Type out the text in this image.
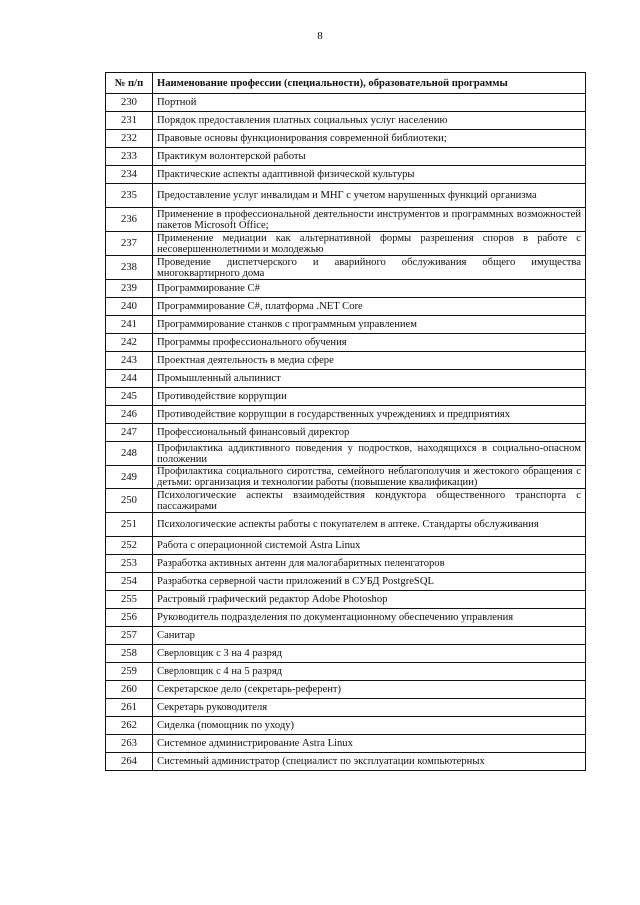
8
№ п/п	Наименование профессии (специальности), образовательной программы
230	Портной
231	Порядок предоставления платных социальных услуг населению
232	Правовые основы функционирования современной библиотеки;
233	Практикум волонтерской работы
234	Практические аспекты адаптивной физической культуры
235	Предоставление услуг инвалидам и МНГ с учетом нарушенных функций организма
236	Применение в профессиональной деятельности инструментов и программных возможностей пакетов Microsoft Office;
237	Применение медиации как альтернативной формы разрешения споров в работе с несовершеннолетними и молодежью
238	Проведение диспетчерского и аварийного обслуживания общего имущества многоквартирного дома
239	Программирование С#
240	Программирование C#, платформа .NET Core
241	Программирование станков с программным управлением
242	Программы профессионального обучения
243	Проектная деятельность в медиа сфере
244	Промышленный альпинист
245	Противодействие коррупции
246	Противодействие коррупции в государственных учреждениях и предприятиях
247	Профессиональный финансовый директор
248	Профилактика аддиктивного поведения у подростков, находящихся в социально-опасном положении
249	Профилактика социального сиротства, семейного неблагополучия и жестокого обращения с детьми: организация и технологии работы (повышение квалификации)
250	Психологические аспекты взаимодействия кондуктора общественного транспорта с пассажирами
251	Психологические аспекты работы с покупателем в аптеке. Стандарты обслуживания
252	Работа с операционной системой Astra Linux
253	Разработка активных антенн для малогабаритных пеленгаторов
254	Разработка серверной части приложений в СУБД PostgreSQL
255	Растровый графический редактор Adobe Photoshop
256	Руководитель подразделения по документационному обеспечению управления
257	Санитар
258	Сверловщик с 3 на 4 разряд
259	Сверловщик с 4 на 5 разряд
260	Секретарское дело (секретарь-референт)
261	Секретарь руководителя
262	Сиделка (помощник по уходу)
263	Системное администрирование Astra Linux
264	Системный администратор (специалист по эксплуатации компьютерных
